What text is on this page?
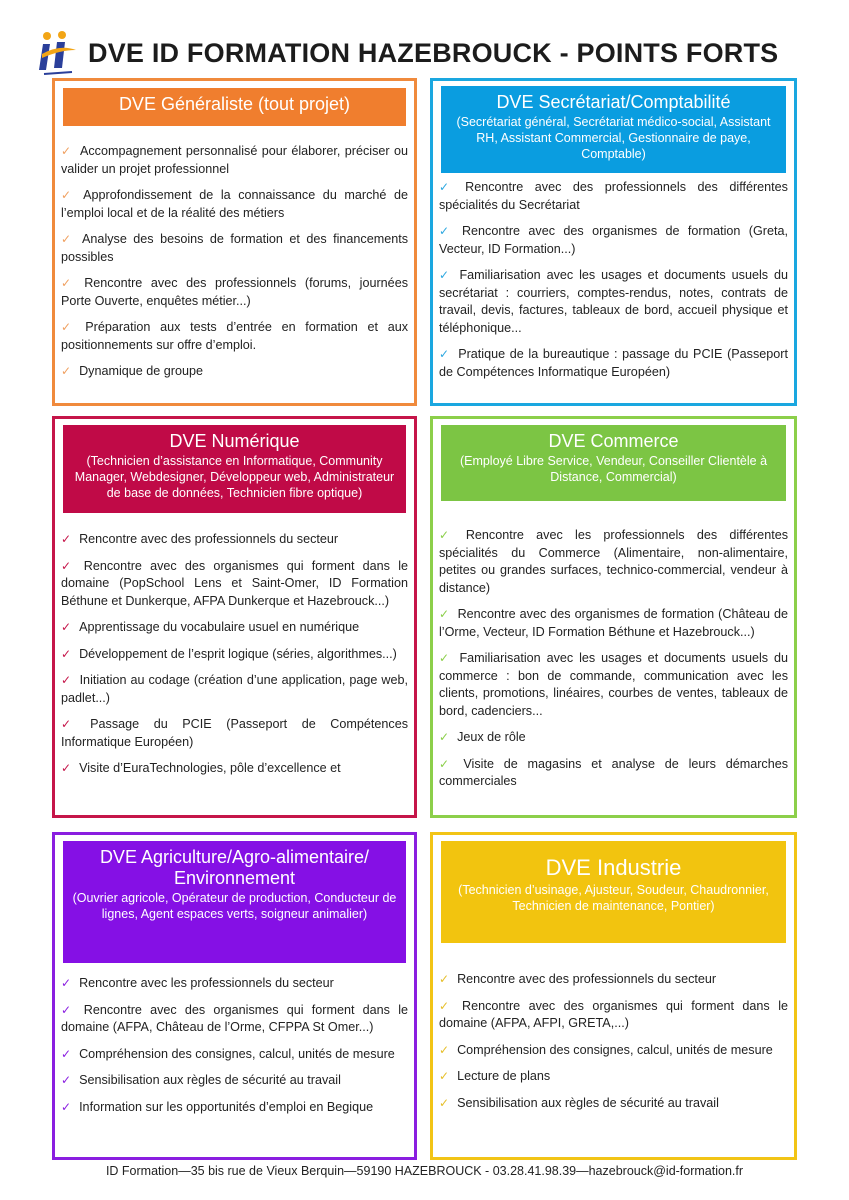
DVE ID FORMATION HAZEBROUCK - POINTS FORTS
DVE Généraliste (tout projet)
✓ Accompagnement personnalisé pour élaborer, préciser ou valider un projet professionnel
✓ Approfondissement de la connaissance du marché de l’emploi local et de la réalité des métiers
✓ Analyse des besoins de formation et des financements possibles
✓ Rencontre avec des professionnels (forums, journées Porte Ouverte, enquêtes métier...)
✓ Préparation aux tests d’entrée en formation et aux positionnements sur offre d’emploi.
✓ Dynamique de groupe
DVE Secrétariat/Comptabilité
(Secrétariat général, Secrétariat médico-social, Assistant RH, Assistant Commercial, Gestionnaire de paye, Comptable)
✓ Rencontre avec des professionnels des différentes spécialités du Secrétariat
✓ Rencontre avec des organismes de formation (Greta, Vecteur, ID Formation...)
✓ Familiarisation avec les usages et documents usuels du secrétariat : courriers, comptes-rendus, notes, contrats de travail, devis, factures, tableaux de bord, accueil physique et téléphonique...
✓ Pratique de la bureautique : passage du PCIE (Passeport de Compétences Informatique Européen)
DVE Numérique
(Technicien d’assistance en Informatique, Community Manager, Webdesigner, Développeur web, Administrateur de base de données, Technicien fibre optique)
✓ Rencontre avec des professionnels du secteur
✓ Rencontre avec des organismes qui forment dans le domaine (PopSchool Lens et Saint-Omer, ID Formation Béthune et Dunkerque, AFPA Dunkerque et Hazebrouck...)
✓ Apprentissage du vocabulaire usuel en numérique
✓ Développement de l’esprit logique (séries, algorithmes...)
✓ Initiation au codage (création d’une application, page web, padlet...)
✓ Passage du PCIE (Passeport de Compétences Informatique Européen)
✓ Visite d’EuraTechnologies, pôle d’excellence et
DVE Commerce
(Employé Libre Service, Vendeur, Conseiller Clientèle à Distance, Commercial)
✓ Rencontre avec les professionnels des différentes spécialités du Commerce (Alimentaire, non-alimentaire, petites ou grandes surfaces, technico-commercial, vendeur à distance)
✓ Rencontre avec des organismes de formation (Château de l’Orme, Vecteur, ID Formation Béthune et Hazebrouck...)
✓ Familiarisation avec les usages et documents usuels du commerce : bon de commande, communication avec les clients, promotions, linéaires, courbes de ventes, tableaux de bord, cadenciers...
✓ Jeux de rôle
✓ Visite de magasins et analyse de leurs démarches commerciales
DVE Agriculture/Agro-alimentaire/ Environnement
(Ouvrier agricole, Opérateur de production, Conducteur de lignes, Agent espaces verts, soigneur animalier)
✓ Rencontre avec les professionnels du secteur
✓ Rencontre avec des organismes qui forment dans le domaine (AFPA, Château de l’Orme, CFPPA St Omer...)
✓ Compréhension des consignes, calcul, unités de mesure
✓ Sensibilisation aux règles de sécurité au travail
✓ Information sur les opportunités d’emploi en Begique
DVE Industrie
(Technicien d’usinage, Ajusteur, Soudeur, Chaudronnier, Technicien de maintenance, Pontier)
✓ Rencontre avec des professionnels du secteur
✓ Rencontre avec des organismes qui forment dans le domaine (AFPA, AFPI, GRETA,...)
✓ Compréhension des consignes, calcul, unités de mesure
✓ Lecture de plans
✓ Sensibilisation aux règles de sécurité au travail
ID Formation—35 bis rue de Vieux Berquin—59190 HAZEBROUCK - 03.28.41.98.39—hazebrouck@id-formation.fr
